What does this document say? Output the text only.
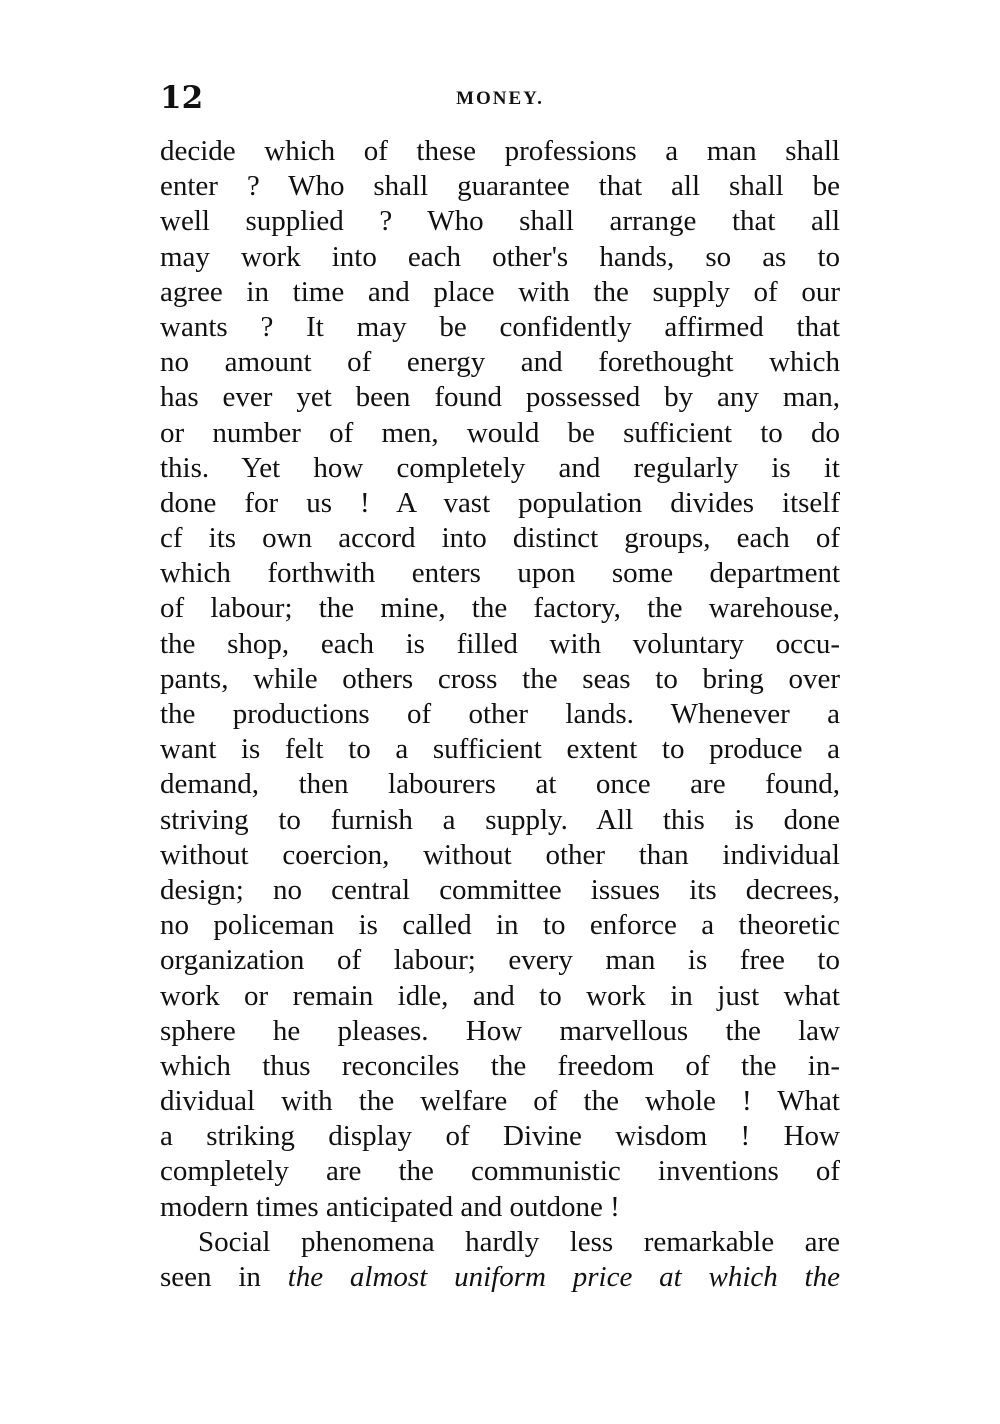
12	MONEY.
decide which of these professions a man shall
enter ? Who shall guarantee that all shall be
well supplied ? Who shall arrange that all
may work into each other's hands, so as to
agree in time and place with the supply of our
wants ? It may be confidently affirmed that
no amount of energy and forethought which
has ever yet been found possessed by any man,
or number of men, would be sufficient to do
this. Yet how completely and regularly is it
done for us ! A vast population divides itself
cf its own accord into distinct groups, each of
which forthwith enters upon some department
of labour; the mine, the factory, the warehouse,
the shop, each is filled with voluntary occu-
pants, while others cross the seas to bring over
the productions of other lands. Whenever a
want is felt to a sufficient extent to produce a
demand, then labourers at once are found,
striving to furnish a supply. All this is done
without coercion, without other than individual
design; no central committee issues its decrees,
no policeman is called in to enforce a theoretic
organization of labour; every man is free to
work or remain idle, and to work in just what
sphere he pleases. How marvellous the law
which thus reconciles the freedom of the in-
dividual with the welfare of the whole ! What
a striking display of Divine wisdom ! How
completely are the communistic inventions of
modern times anticipated and outdone !
Social phenomena hardly less remarkable are
seen in the almost uniform price at which the
